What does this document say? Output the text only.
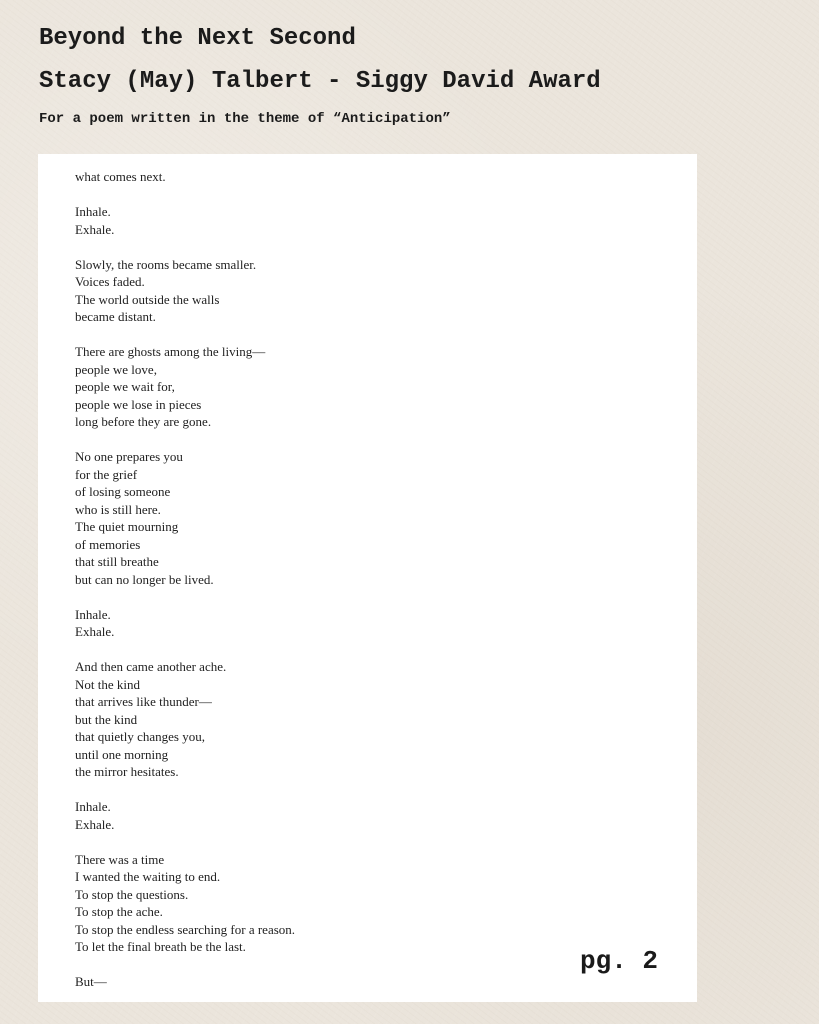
Beyond the Next Second
Stacy (May) Talbert - Siggy David Award

For a poem written in the theme of “Anticipation”

what comes next.
Inhale.
Exhale.
Slowly, the rooms became smaller.
Voices faded.
The world outside the walls
became distant.
There are ghosts among the living—
people we love,
people we wait for,
people we lose in pieces
long before they are gone.
No one prepares you
for the grief
of losing someone
who is still here.
The quiet mourning
of memories
that still breathe
but can no longer be lived.
Inhale.
Exhale.
And then came another ache.
Not the kind
that arrives like thunder—
but the kind
that quietly changes you,
until one morning
the mirror hesitates.
Inhale.
Exhale.
There was a time
I wanted the waiting to end.
To stop the questions.
To stop the ache.
To stop the endless searching for a reason.
To let the final breath be the last.
But—
pg. 2
